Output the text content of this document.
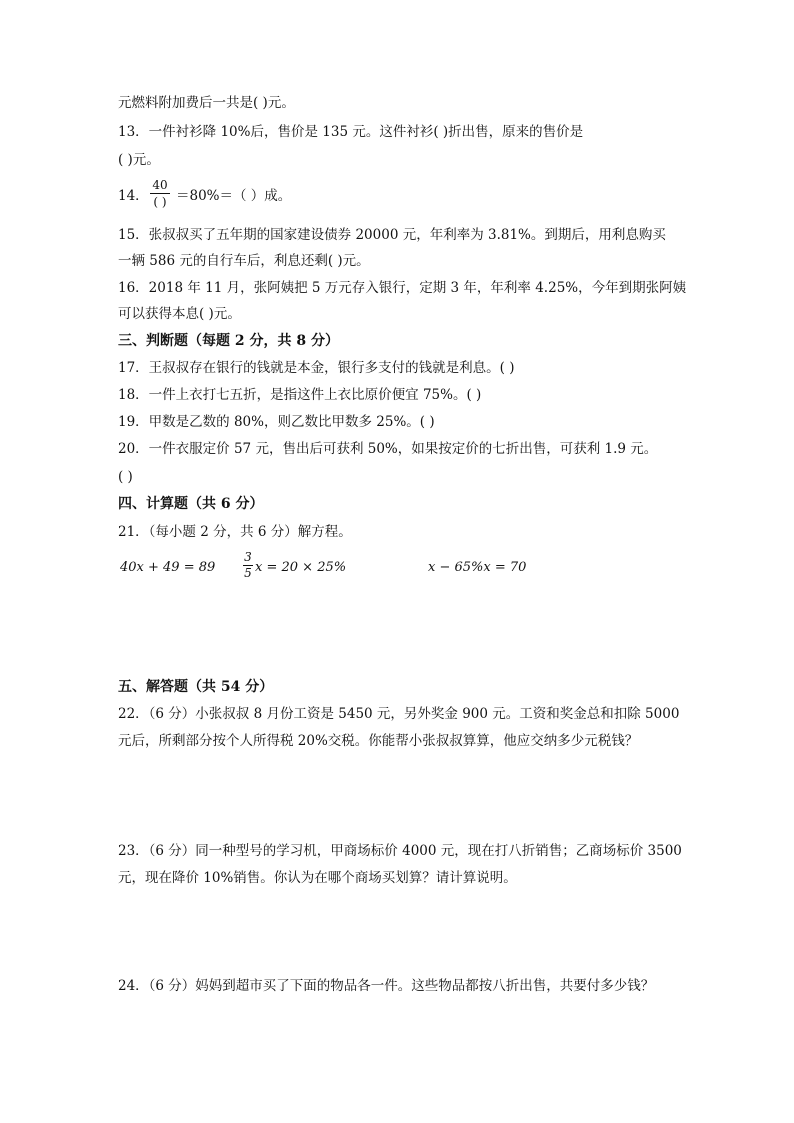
元燃料附加费后一共是( )元。
13．一件衬衫降 10%后，售价是 135 元。这件衬衫( )折出售，原来的售价是
( )元。
14．
40
( ) ＝80%＝（ ）成。
15．张叔叔买了五年期的国家建设债券 20000 元，年利率为 3.81%。到期后，用利息购买
一辆 586 元的自行车后，利息还剩( )元。
16．2018 年 11 月，张阿姨把 5 万元存入银行，定期 3 年，年利率 4.25%，今年到期张阿姨
可以获得本息( )元。
三、判断题（每题 2 分，共 8 分）
17．王叔叔存在银行的钱就是本金，银行多支付的钱就是利息。( )
18．一件上衣打七五折，是指这件上衣比原价便宜 75%。( )
19．甲数是乙数的 80%，则乙数比甲数多 25%。( )
20．一件衣服定价 57 元，售出后可获利 50%，如果按定价的七折出售，可获利 1.9 元。
( )
四、计算题（共 6 分）
21．（每小题 2 分，共 6 分）解方程。
40x + 49 = 89
3
5 x = 20 × 25%	x − 65%x = 70
五、解答题（共 54 分）
22．（6 分）小张叔叔 8 月份工资是 5450 元，另外奖金 900 元。工资和奖金总和扣除 5000
元后，所剩部分按个人所得税 20%交税。你能帮小张叔叔算算，他应交纳多少元税钱？
23．（6 分）同一种型号的学习机，甲商场标价 4000 元，现在打八折销售；乙商场标价 3500
元，现在降价 10%销售。你认为在哪个商场买划算？请计算说明。
24．（6 分）妈妈到超市买了下面的物品各一件。这些物品都按八折出售，共要付多少钱？
